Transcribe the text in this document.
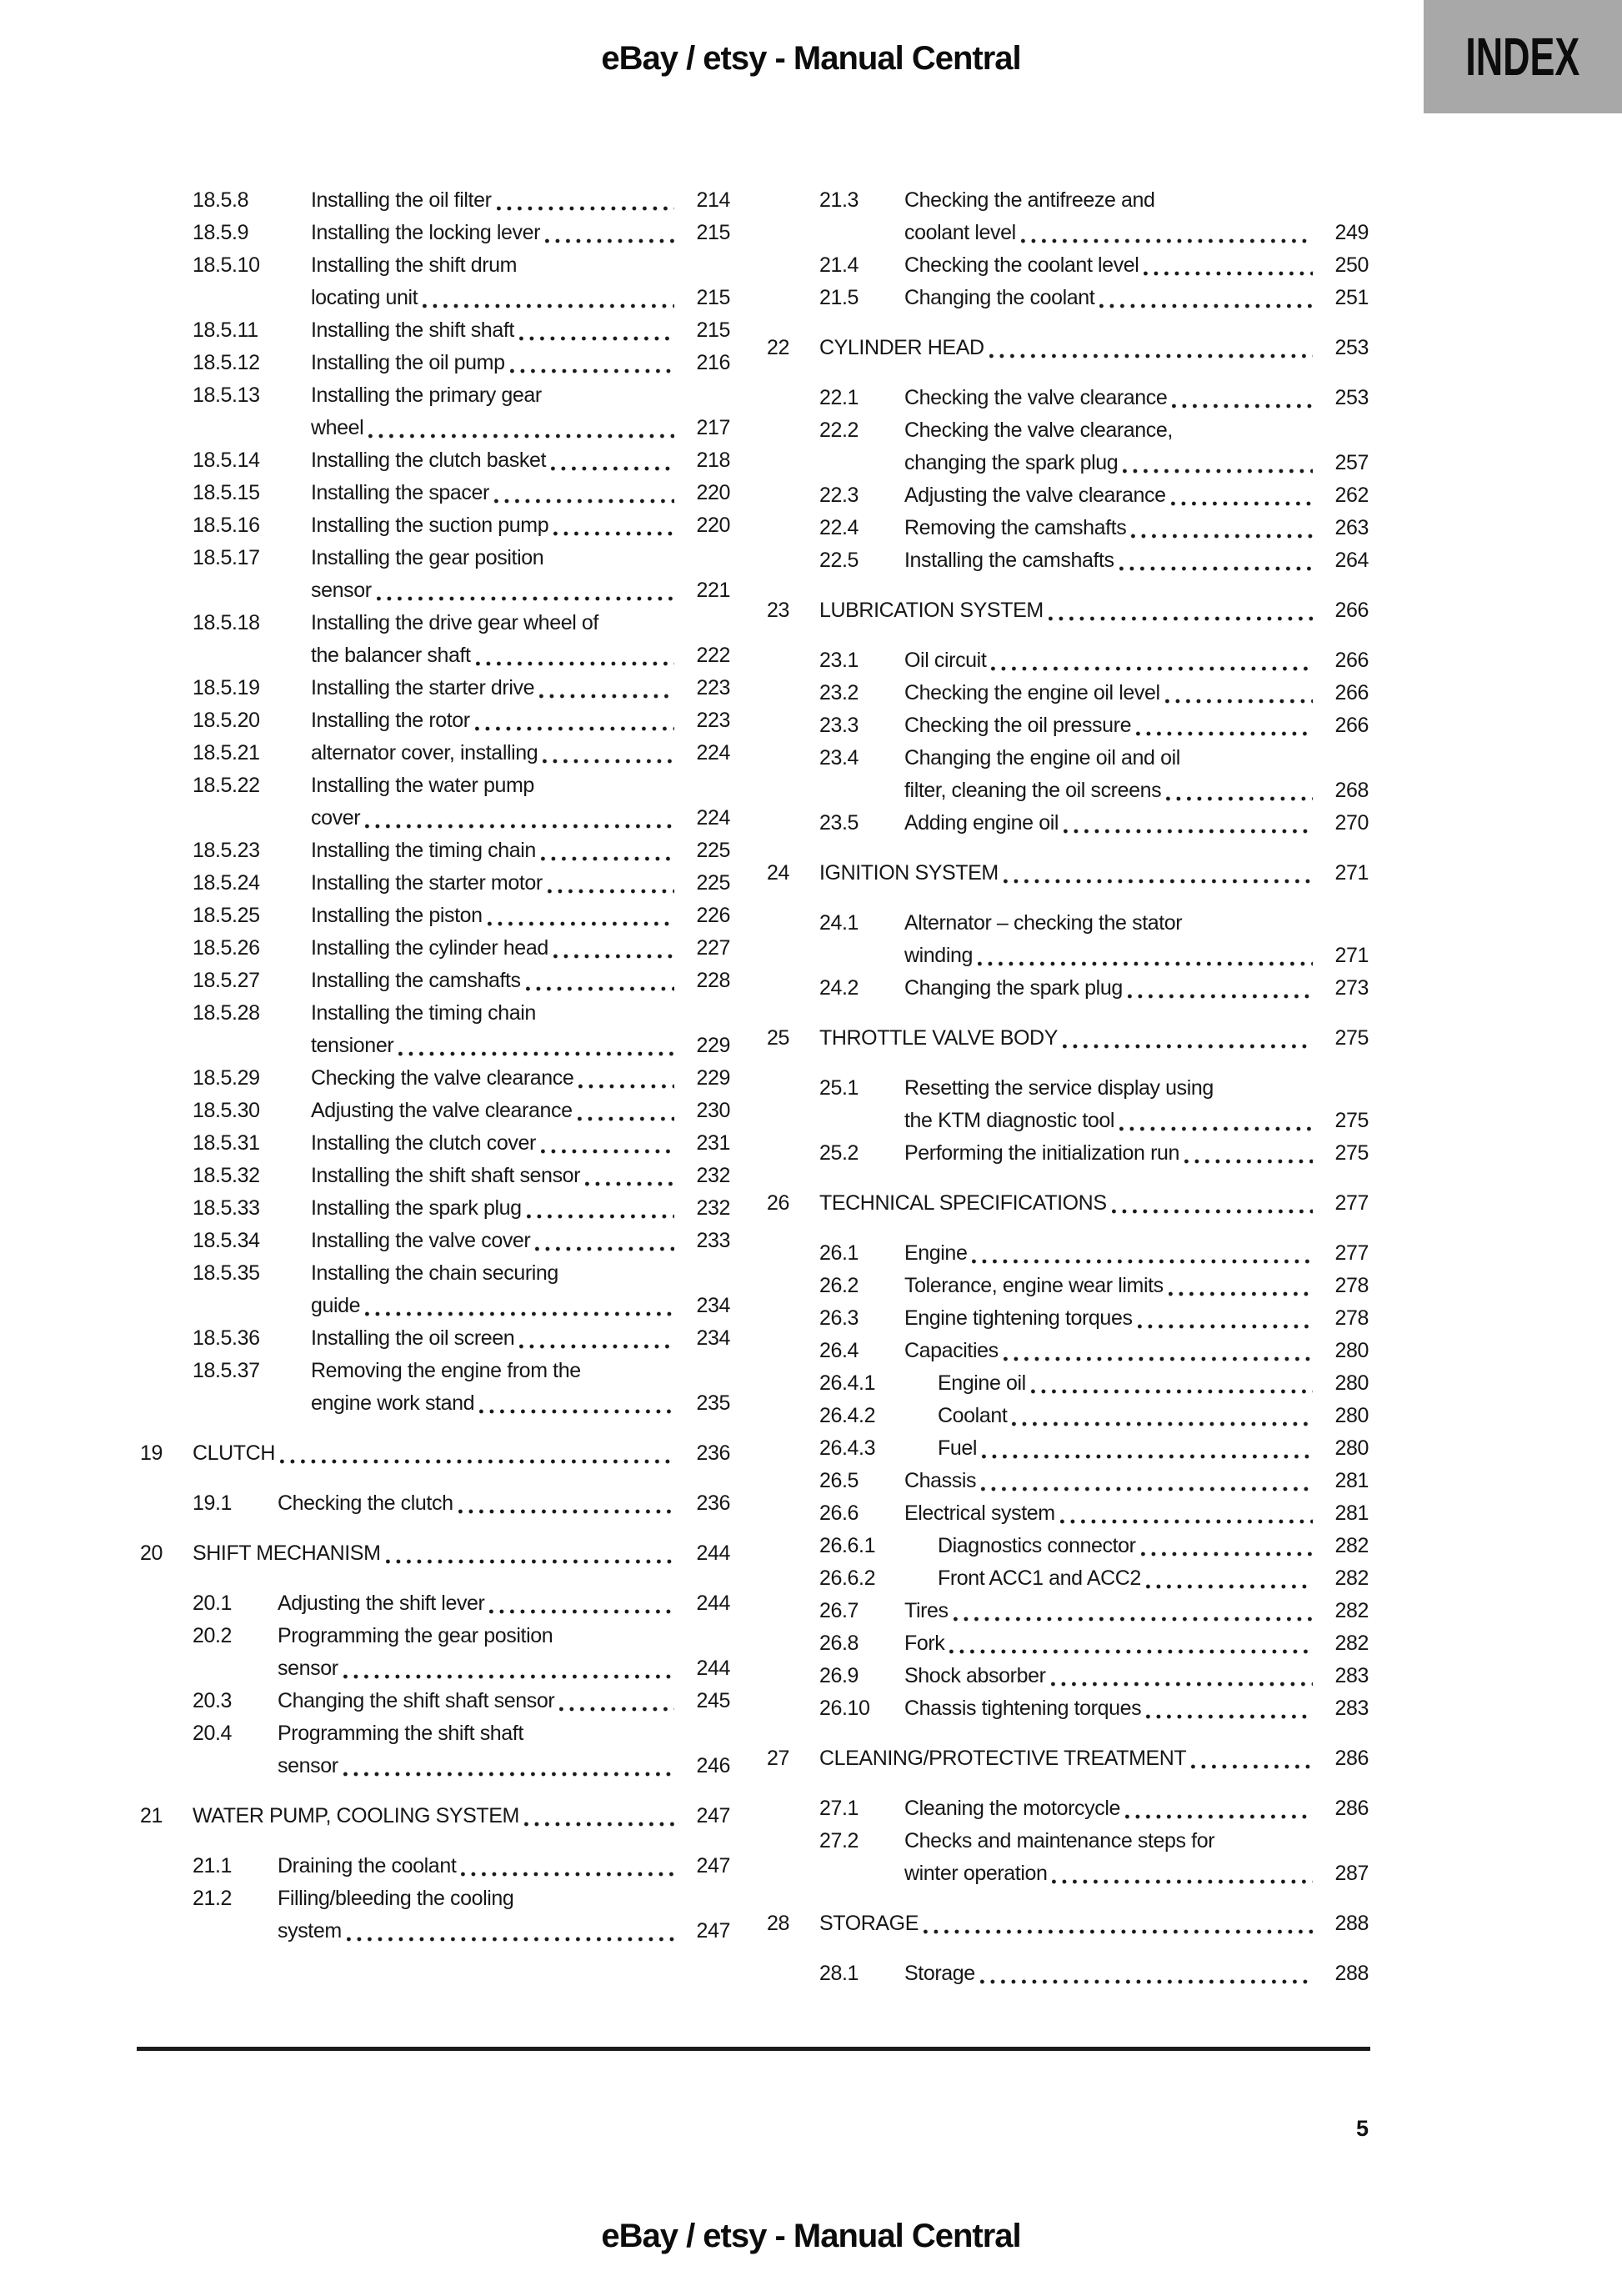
eBay / etsy - Manual Central	INDEX
18.5.8	Installing the oil filter	214
18.5.9	Installing the locking lever	215
18.5.10	Installing the shift drum
locating unit	215
18.5.11	Installing the shift shaft	215
18.5.12	Installing the oil pump	216
18.5.13	Installing the primary gear
wheel	217
18.5.14	Installing the clutch basket	218
18.5.15	Installing the spacer	220
18.5.16	Installing the suction pump	220
18.5.17	Installing the gear position
sensor	221
18.5.18	Installing the drive gear wheel of
the balancer shaft	222
18.5.19	Installing the starter drive	223
18.5.20	Installing the rotor	223
18.5.21	alternator cover, installing	224
18.5.22	Installing the water pump
cover	224
18.5.23	Installing the timing chain	225
18.5.24	Installing the starter motor	225
18.5.25	Installing the piston	226
18.5.26	Installing the cylinder head	227
18.5.27	Installing the camshafts	228
18.5.28	Installing the timing chain
tensioner	229
18.5.29	Checking the valve clearance	229
18.5.30	Adjusting the valve clearance	230
18.5.31	Installing the clutch cover	231
18.5.32	Installing the shift shaft sensor	232
18.5.33	Installing the spark plug	232
18.5.34	Installing the valve cover	233
18.5.35	Installing the chain securing
guide	234
18.5.36	Installing the oil screen	234
18.5.37	Removing the engine from the
engine work stand	235
19	CLUTCH	236
19.1	Checking the clutch	236
20	SHIFT MECHANISM	244
20.1	Adjusting the shift lever	244
20.2	Programming the gear position
sensor	244
20.3	Changing the shift shaft sensor	245
20.4	Programming the shift shaft
sensor	246
21	WATER PUMP, COOLING SYSTEM	247
21.1	Draining the coolant	247
21.2	Filling/bleeding the cooling
system	247
21.3	Checking the antifreeze and
coolant level	249
21.4	Checking the coolant level	250
21.5	Changing the coolant	251
22	CYLINDER HEAD	253
22.1	Checking the valve clearance	253
22.2	Checking the valve clearance,
changing the spark plug	257
22.3	Adjusting the valve clearance	262
22.4	Removing the camshafts	263
22.5	Installing the camshafts	264
23	LUBRICATION SYSTEM	266
23.1	Oil circuit	266
23.2	Checking the engine oil level	266
23.3	Checking the oil pressure	266
23.4	Changing the engine oil and oil
filter, cleaning the oil screens	268
23.5	Adding engine oil	270
24	IGNITION SYSTEM	271
24.1	Alternator – checking the stator
winding	271
24.2	Changing the spark plug	273
25	THROTTLE VALVE BODY	275
25.1	Resetting the service display using
the KTM diagnostic tool	275
25.2	Performing the initialization run	275
26	TECHNICAL SPECIFICATIONS	277
26.1	Engine	277
26.2	Tolerance, engine wear limits	278
26.3	Engine tightening torques	278
26.4	Capacities	280
26.4.1	Engine oil	280
26.4.2	Coolant	280
26.4.3	Fuel	280
26.5	Chassis	281
26.6	Electrical system	281
26.6.1	Diagnostics connector	282
26.6.2	Front ACC1 and ACC2	282
26.7	Tires	282
26.8	Fork	282
26.9	Shock absorber	283
26.10	Chassis tightening torques	283
27	CLEANING/PROTECTIVE TREATMENT	286
27.1	Cleaning the motorcycle	286
27.2	Checks and maintenance steps for
winter operation	287
28	STORAGE	288
28.1	Storage	288
5
eBay / etsy - Manual Central
